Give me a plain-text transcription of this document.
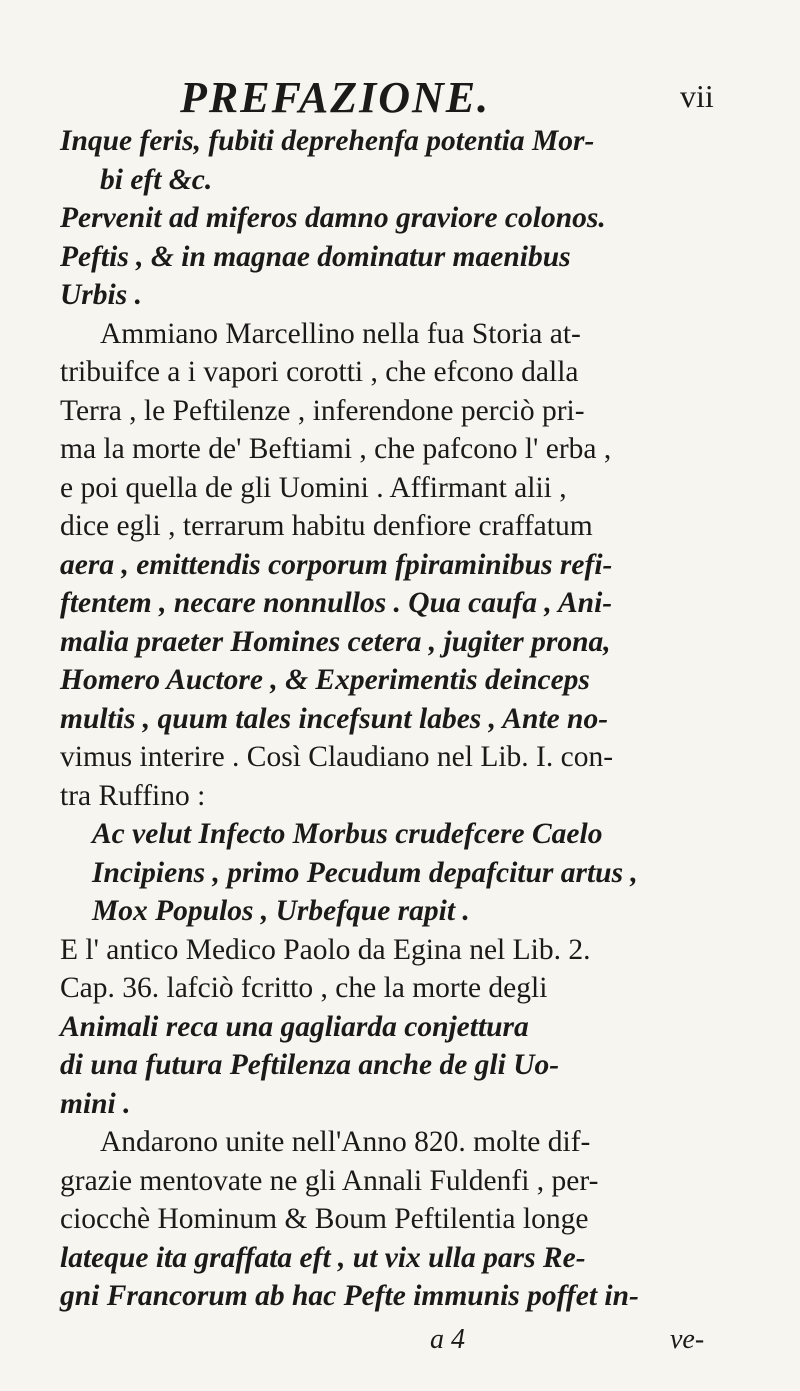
PREFAZIONE.	vii
Inque feris, fubiti deprehenfa potentia Mor-
bi eft &c.
Pervenit ad miferos damno graviore colonos.
Peftis , & in magnae dominatur maenibus
Urbis .
Ammiano Marcellino nella fua Storia at-
tribuifce a i vapori corotti , che efcono dalla
Terra , le Peftilenze , inferendone perciò pri-
ma la morte de' Beftiami , che pafcono l' erba ,
e poi quella de gli Uomini . Affirmant alii ,
dice egli , terrarum habitu denfiore craffatum
aera , emittendis corporum fpiraminibus refi-
ftentem , necare nonnullos . Qua caufa , Ani-
malia praeter Homines cetera , jugiter prona,
Homero Auctore , & Experimentis deinceps
multis , quum tales incefsunt labes , Ante no-
vimus interire . Così Claudiano nel Lib. I. con-
tra Ruffino :
Ac velut Infecto Morbus crudefcere Caelo
Incipiens , primo Pecudum depafcitur artus ,
Mox Populos , Urbefque rapit .
E l' antico Medico Paolo da Egina nel Lib. 2.
Cap. 36. lafciò fcritto , che la morte degli
Animali reca una gagliarda conjettura
di una futura Peftilenza anche de gli Uo-
mini .
Andarono unite nell'Anno 820. molte dif-
grazie mentovate ne gli Annali Fuldenfi , per-
ciocchè Hominum & Boum Peftilentia longe
lateque ita graffata eft , ut vix ulla pars Re-
gni Francorum ab hac Pefte immunis poffet in-
a 4	ve-
